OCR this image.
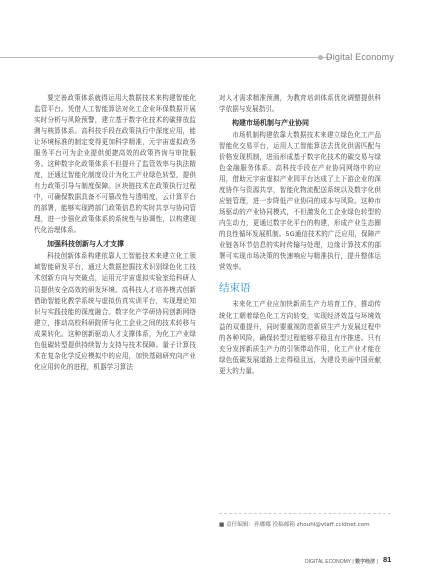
Digital Economy

要完善政策体系就得运用大数据技术来构建智能化监管平台。凭借人工智能算法对化工企业环保数据开展实时分析与风险预警，建立基于数字化技术的碳排放监测与核算体系。高科技手段在政策执行中深度应用，能让环境标准的制定变得更加科学精准，元宇宙虚拟政务服务平台可为企业提供便捷高效的政策咨询与审批服务。这种数字化政策体系不但提升了监管效率与执法精度，还通过智能化制度设计为化工产业绿色转型，提供有力政策引导与制度保障。区块链技术在政策执行过程中，可确保数据具备不可篡改性与透明度，云计算平台的部署，能够实现跨部门政策信息的实时共享与协同管理，进一步强化政策体系的系统性与协调性，以构建现代化治理体系。

加强科技创新与人才支撑

科技创新体系构建依靠人工智能技术来建立化工领域智能研发平台，通过大数据挖掘技术识别绿色化工技术创新方向与突破点，运用元宇宙虚拟实验室给科研人员提供安全高效的研发环境。高科技人才培养模式创新借助智能化教学系统与虚拟仿真实训平台，实现理论知识与实践技能的深度融合。数字化产学研协同创新网络建立，推动高校科研院所与化工企业之间的技术转移与成果转化。这种创新驱动人才支撑体系，为化工产业绿色低碳转型提供持续智力支持与技术保障。量子计算技术在复杂化学反应模拟中的应用，加快基础研究向产业化应用转化的进程，机器学习算法

对人才需求精准预测，为教育培训体系优化调整提供科学依据与发展指引。

构建市场机制与产业协同

市场机制构建依靠大数据技术来建立绿色化工产品智能化交易平台，运用人工智能算法去优化供需匹配与价格发现机制，进而形成基于数字化技术的碳交易与绿色金融服务体系。高科技手段在产业协同网络中的应用，借助元宇宙虚拟产业园平台达成了上下游企业的深度协作与资源共享，智能化物流配送系统以及数字化供应链管理，进一步降低产业协同的成本与风险。这种市场驱动的产业协同模式，不但激发化工企业绿色转型的内生动力，更通过数字化平台的构建，形成产业生态圈的良性循环发展机制。5G通信技术的广泛应用，保障产业链各环节信息的实时传输与处理，边缘计算技术的部署可实现市场决策的快速响应与精准执行，提升整体运营效率。

结束语

未来化工产业应加快新质生产力培育工作，推动传统化工朝着绿色化工方向转变，实现经济效益与环境效益的双重提升，同时要重视防范新质生产力发展过程中的各种风险，确保转型过程能够平稳且有序推进。只有充分发挥新质生产力的引领带动作用，化工产业才能在绿色低碳发展道路上走得稳且远，为建设美丽中国贡献更大的力量。

■ 责任编辑：孙娜娜 投稿邮箱 zhouhl@vtaff.ccidnet.com
DIGITAL ECONOMY | 数字经济 | 81
